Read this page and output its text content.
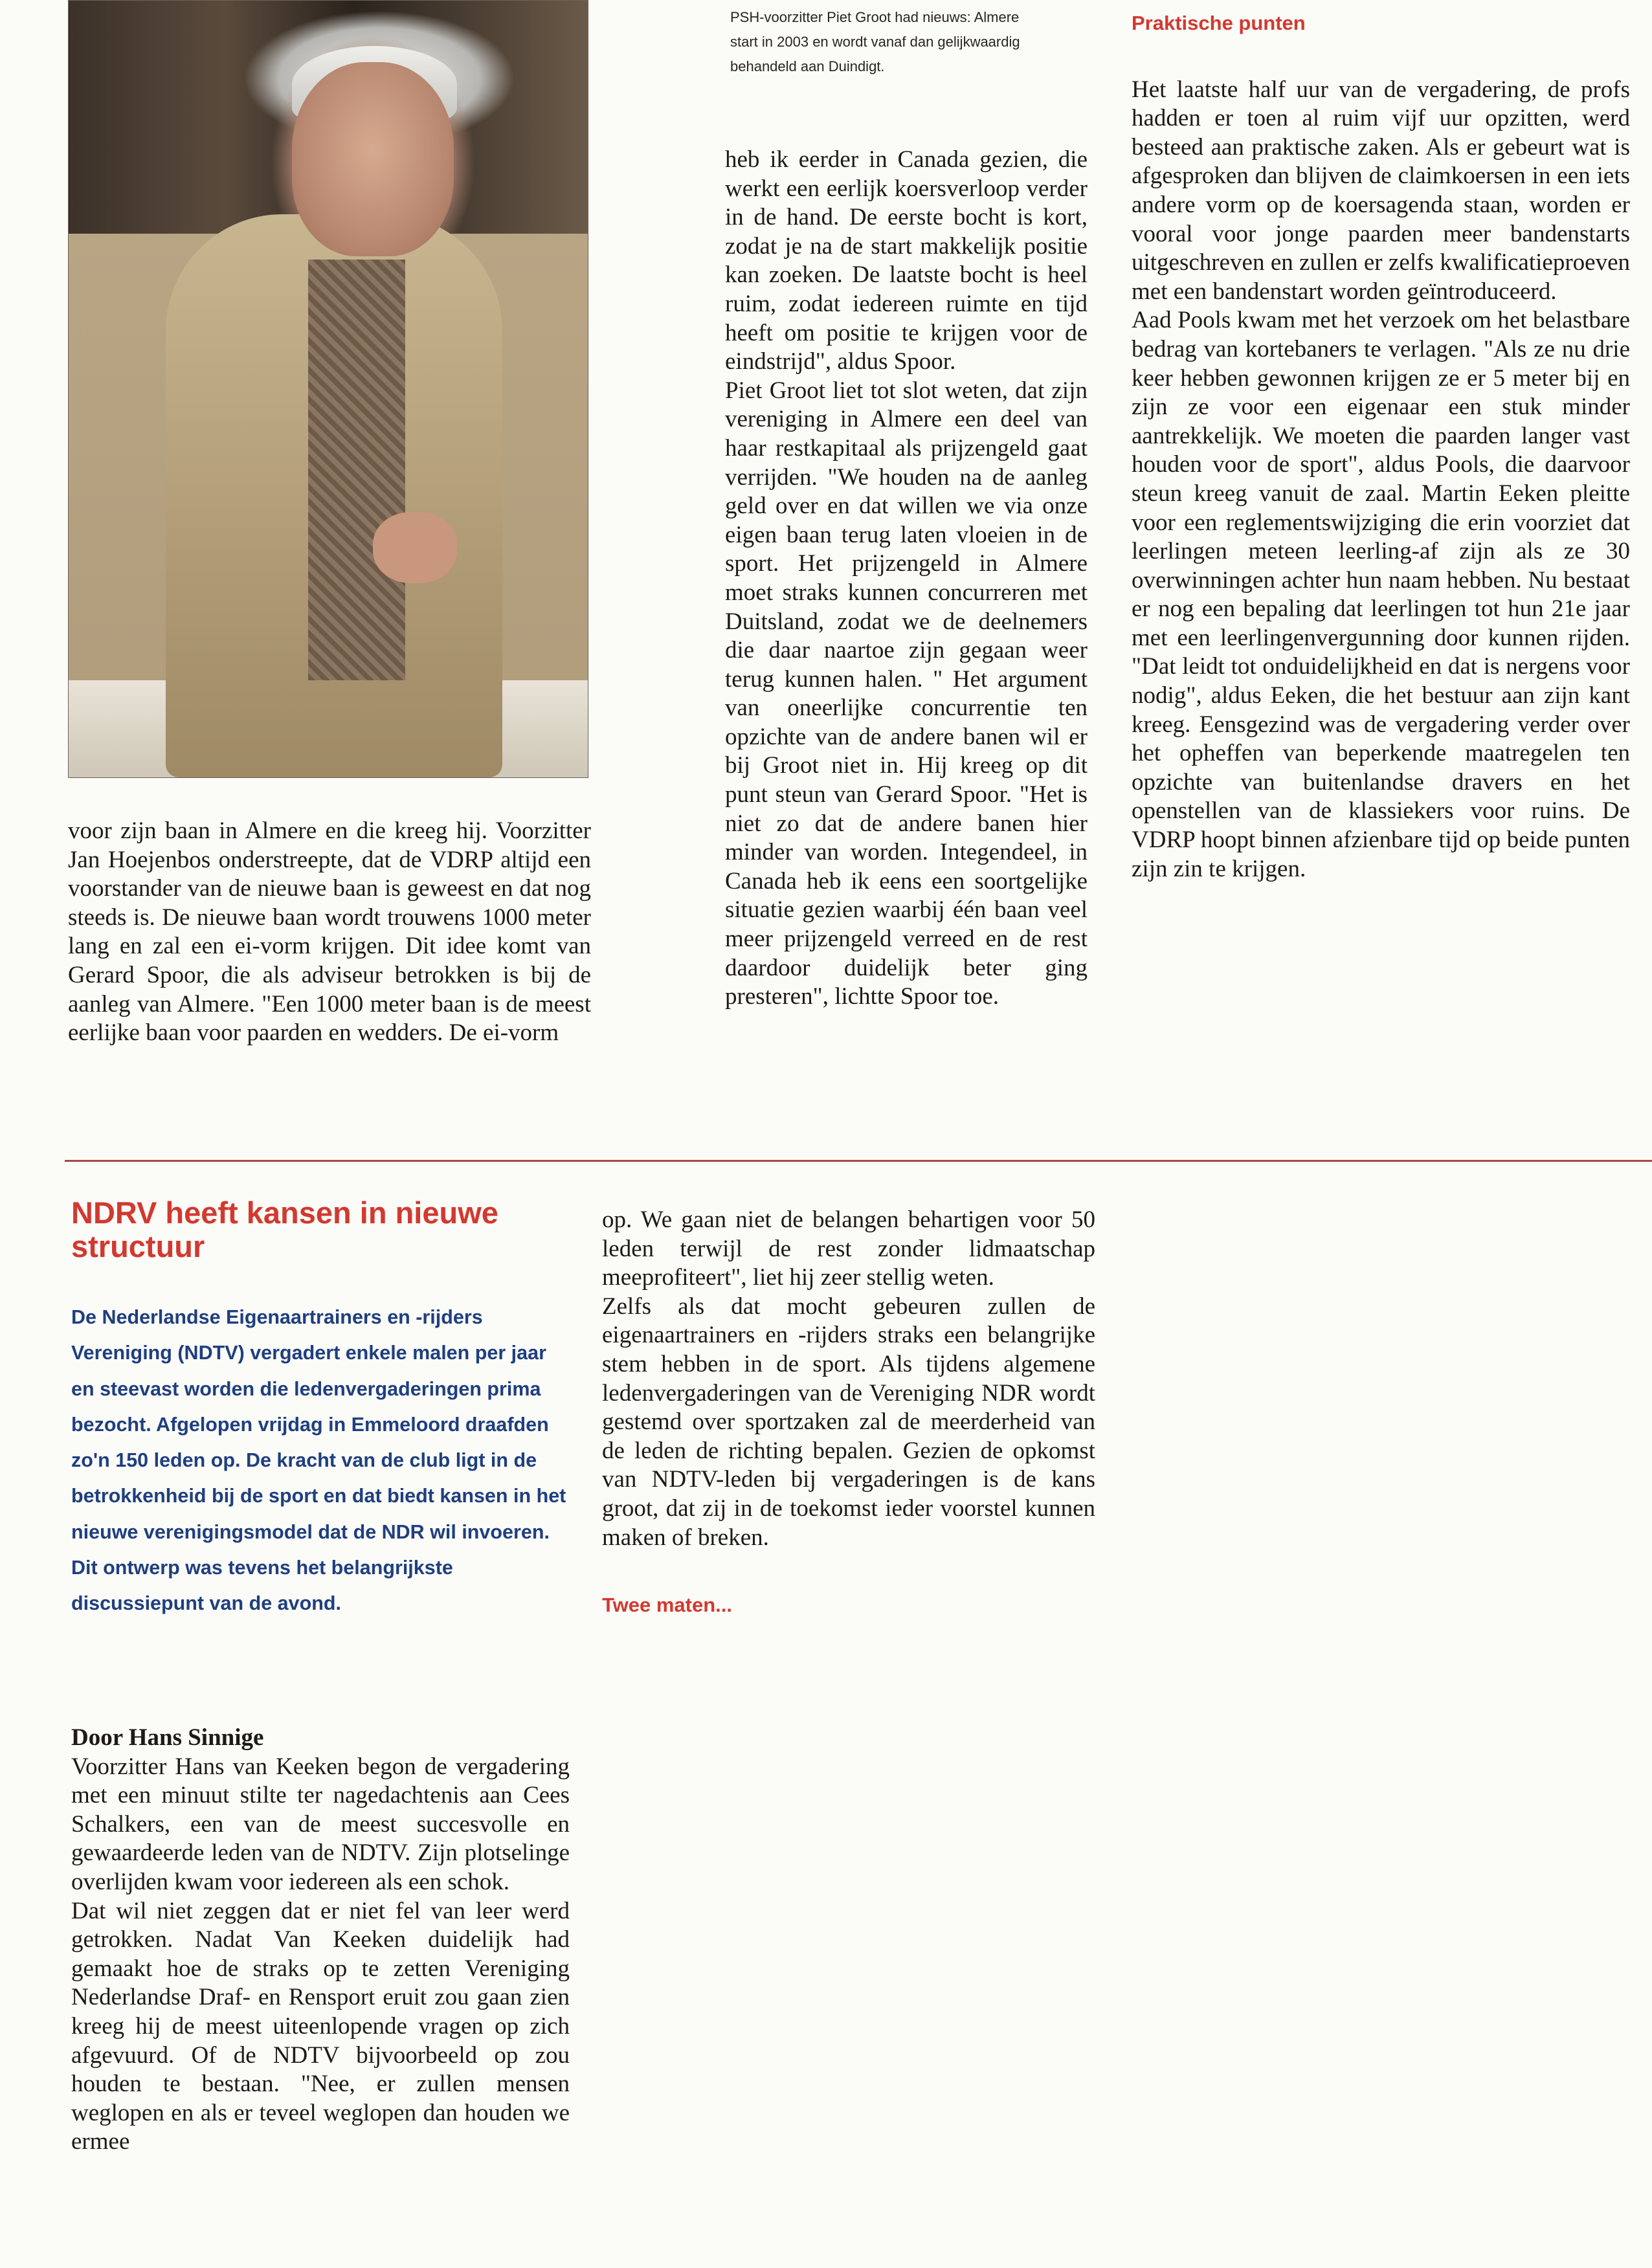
PSH-voorzitter Piet Groot had nieuws: Almere start in 2003 en wordt vanaf dan gelijkwaardig behandeld aan Duindigt.

voor zijn baan in Almere en die kreeg hij. Voorzitter Jan Hoejenbos onderstreepte, dat de VDRP altijd een voorstander van de nieuwe baan is geweest en dat nog steeds is. De nieuwe baan wordt trouwens 1000 meter lang en zal een ei-vorm krijgen. Dit idee komt van Gerard Spoor, die als adviseur betrokken is bij de aanleg van Almere. "Een 1000 meter baan is de meest eerlijke baan voor paarden en wedders. De ei-vorm

heb ik eerder in Canada gezien, die werkt een eerlijk koersverloop verder in de hand. De eerste bocht is kort, zodat je na de start makkelijk positie kan zoeken. De laatste bocht is heel ruim, zodat iedereen ruimte en tijd heeft om positie te krijgen voor de eindstrijd", aldus Spoor.

Piet Groot liet tot slot weten, dat zijn vereniging in Almere een deel van haar restkapitaal als prijzengeld gaat verrijden. "We houden na de aanleg geld over en dat willen we via onze eigen baan terug laten vloeien in de sport. Het prijzengeld in Almere moet straks kunnen concurreren met Duitsland, zodat we de deelnemers die daar naartoe zijn gegaan weer terug kunnen halen. " Het argument van oneerlijke concurrentie ten opzichte van de andere banen wil er bij Groot niet in. Hij kreeg op dit punt steun van Gerard Spoor. "Het is niet zo dat de andere banen hier minder van worden. Integendeel, in Canada heb ik eens een soortgelijke situatie gezien waarbij één baan veel meer prijzengeld verreed en de rest daardoor duidelijk beter ging presteren", lichtte Spoor toe.

Praktische punten

Het laatste half uur van de vergadering, de profs hadden er toen al ruim vijf uur opzitten, werd besteed aan praktische zaken. Als er gebeurt wat is afgesproken dan blijven de claimkoersen in een iets andere vorm op de koersagenda staan, worden er vooral voor jonge paarden meer bandenstarts uitgeschreven en zullen er zelfs kwalificatieproeven met een bandenstart worden geïntroduceerd.

Aad Pools kwam met het verzoek om het belastbare bedrag van kortebaners te verlagen. "Als ze nu drie keer hebben gewonnen krijgen ze er 5 meter bij en zijn ze voor een eigenaar een stuk minder aantrekkelijk. We moeten die paarden langer vast houden voor de sport", aldus Pools, die daarvoor steun kreeg vanuit de zaal. Martin Eeken pleitte voor een reglementswijziging die erin voorziet dat leerlingen meteen leerling-af zijn als ze 30 overwinningen achter hun naam hebben. Nu bestaat er nog een bepaling dat leerlingen tot hun 21e jaar met een leerlingenvergunning door kunnen rijden. "Dat leidt tot onduidelijkheid en dat is nergens voor nodig", aldus Eeken, die het bestuur aan zijn kant kreeg. Eensgezind was de vergadering verder over het opheffen van beperkende maatregelen ten opzichte van buitenlandse dravers en het openstellen van de klassiekers voor ruins. De VDRP hoopt binnen afzienbare tijd op beide punten zijn zin te krijgen.

NDRV heeft kansen in nieuwe structuur

De Nederlandse Eigenaartrainers en -rijders Vereniging (NDTV) vergadert enkele malen per jaar en steevast worden die ledenvergaderingen prima bezocht. Afgelopen vrijdag in Emmeloord draafden zo'n 150 leden op. De kracht van de club ligt in de betrokkenheid bij de sport en dat biedt kansen in het nieuwe verenigingsmodel dat de NDR wil invoeren. Dit ontwerp was tevens het belangrijkste discussiepunt van de avond.

Door Hans Sinnige

Voorzitter Hans van Keeken begon de vergadering met een minuut stilte ter nagedachtenis aan Cees Schalkers, een van de meest succesvolle en gewaardeerde leden van de NDTV. Zijn plotselinge overlijden kwam voor iedereen als een schok.

Dat wil niet zeggen dat er niet fel van leer werd getrokken. Nadat Van Keeken duidelijk had gemaakt hoe de straks op te zetten Vereniging Nederlandse Draf- en Rensport eruit zou gaan zien kreeg hij de meest uiteenlopende vragen op zich afgevuurd. Of de NDTV bijvoorbeeld op zou houden te bestaan. "Nee, er zullen mensen weglopen en als er teveel weglopen dan houden we ermee

op. We gaan niet de belangen behartigen voor 50 leden terwijl de rest zonder lidmaatschap meeprofiteert", liet hij zeer stellig weten.

Zelfs als dat mocht gebeuren zullen de eigenaartrainers en -rijders straks een belangrijke stem hebben in de sport. Als tijdens algemene ledenvergaderingen van de Vereniging NDR wordt gestemd over sportzaken zal de meerderheid van de leden de richting bepalen. Gezien de opkomst van NDTV-leden bij vergaderingen is de kans groot, dat zij in de toekomst ieder voorstel kunnen maken of breken.

Twee maten...
